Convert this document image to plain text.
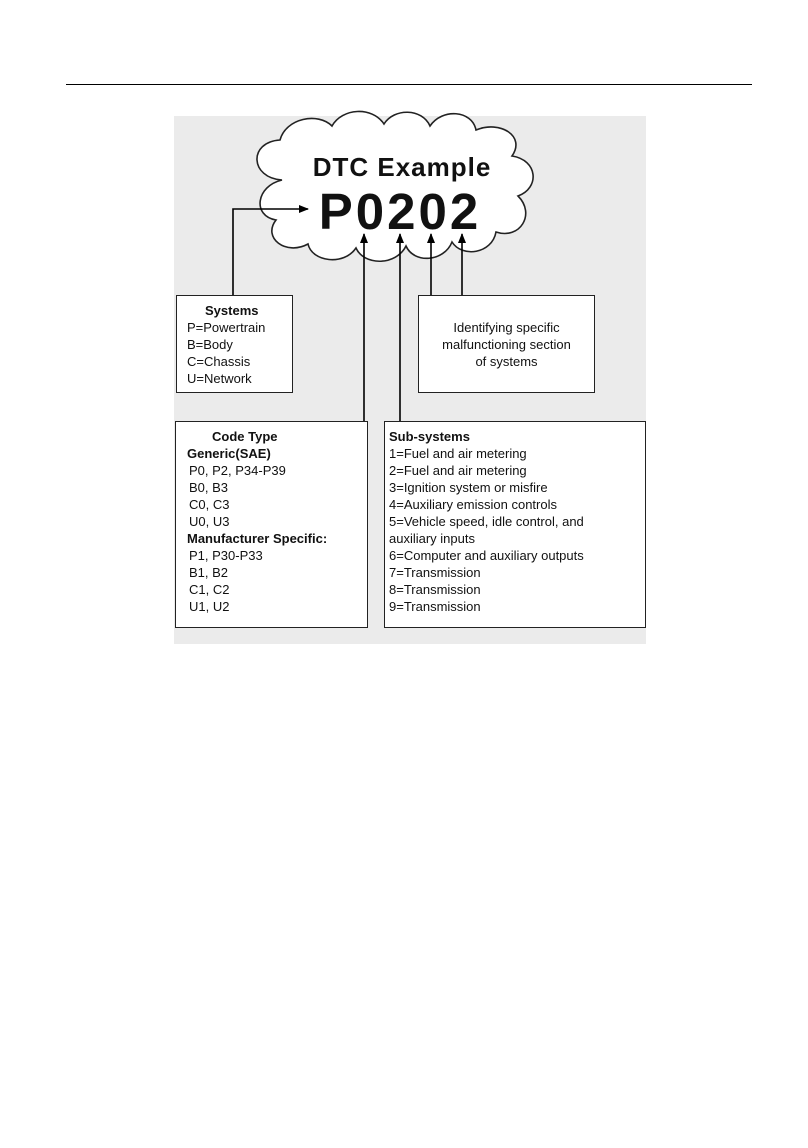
DTC Example
P0202
Systems
P=Powertrain
B=Body
C=Chassis
U=Network
Identifying specific
malfunctioning section
of systems
Code Type
Generic(SAE)
P0, P2, P34-P39
B0, B3
C0, C3
U0, U3
Manufacturer Specific:
P1, P30-P33
B1, B2
C1, C2
U1, U2
Sub-systems
1=Fuel and air metering
2=Fuel and air metering
3=Ignition system or misfire
4=Auxiliary emission controls
5=Vehicle speed, idle control, and
auxiliary inputs
6=Computer and auxiliary outputs
7=Transmission
8=Transmission
9=Transmission
